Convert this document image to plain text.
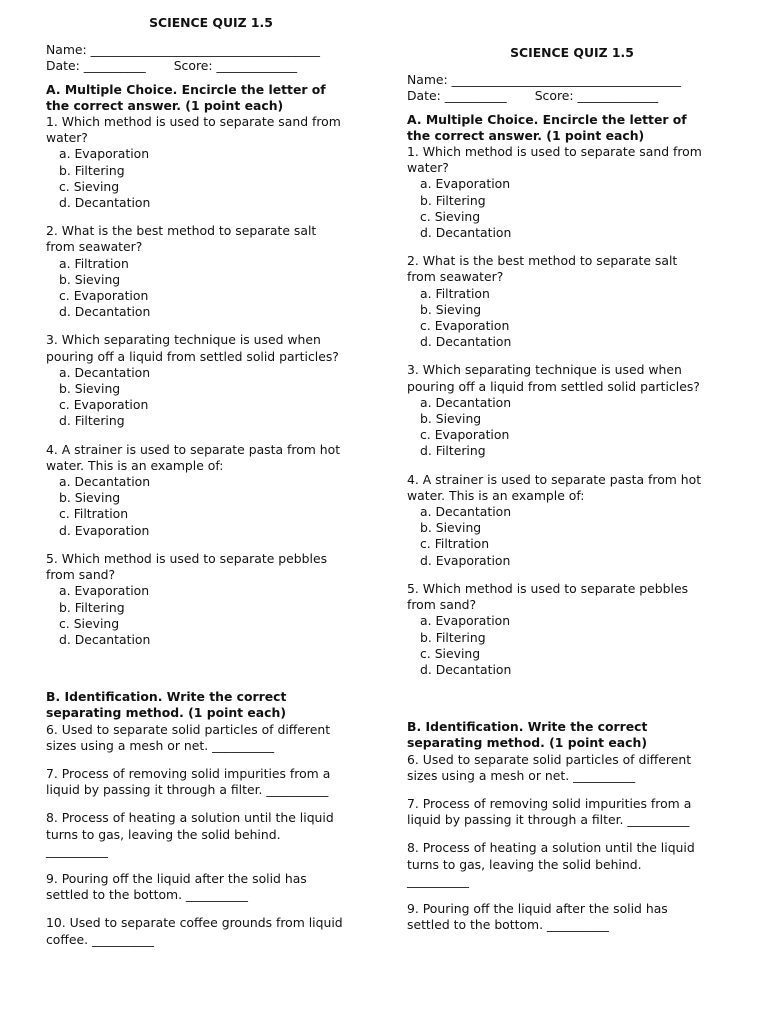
SCIENCE QUIZ 1.5
Name: _____________________________________
Date: __________ Score: _____________
A. Multiple Choice. Encircle the letter of
the correct answer. (1 point each)
1. Which method is used to separate sand from
water?
a. Evaporation
b. Filtering
c. Sieving
d. Decantation
2. What is the best method to separate salt
from seawater?
a. Filtration
b. Sieving
c. Evaporation
d. Decantation
3. Which separating technique is used when
pouring off a liquid from settled solid particles?
a. Decantation
b. Sieving
c. Evaporation
d. Filtering
4. A strainer is used to separate pasta from hot
water. This is an example of:
a. Decantation
b. Sieving
c. Filtration
d. Evaporation
5. Which method is used to separate pebbles
from sand?
a. Evaporation
b. Filtering
c. Sieving
d. Decantation
B. Identification. Write the correct
separating method. (1 point each)
6. Used to separate solid particles of different
sizes using a mesh or net. __________
7. Process of removing solid impurities from a
liquid by passing it through a filter. __________
8. Process of heating a solution until the liquid
turns to gas, leaving the solid behind.
__________
9. Pouring off the liquid after the solid has
settled to the bottom. __________
10. Used to separate coffee grounds from liquid
coffee. __________
SCIENCE QUIZ 1.5
Name: _____________________________________
Date: __________ Score: _____________
A. Multiple Choice. Encircle the letter of
the correct answer. (1 point each)
1. Which method is used to separate sand from
water?
a. Evaporation
b. Filtering
c. Sieving
d. Decantation
2. What is the best method to separate salt
from seawater?
a. Filtration
b. Sieving
c. Evaporation
d. Decantation
3. Which separating technique is used when
pouring off a liquid from settled solid particles?
a. Decantation
b. Sieving
c. Evaporation
d. Filtering
4. A strainer is used to separate pasta from hot
water. This is an example of:
a. Decantation
b. Sieving
c. Filtration
d. Evaporation
5. Which method is used to separate pebbles
from sand?
a. Evaporation
b. Filtering
c. Sieving
d. Decantation
B. Identification. Write the correct
separating method. (1 point each)
6. Used to separate solid particles of different
sizes using a mesh or net. __________
7. Process of removing solid impurities from a
liquid by passing it through a filter. __________
8. Process of heating a solution until the liquid
turns to gas, leaving the solid behind.
__________
9. Pouring off the liquid after the solid has
settled to the bottom. __________
